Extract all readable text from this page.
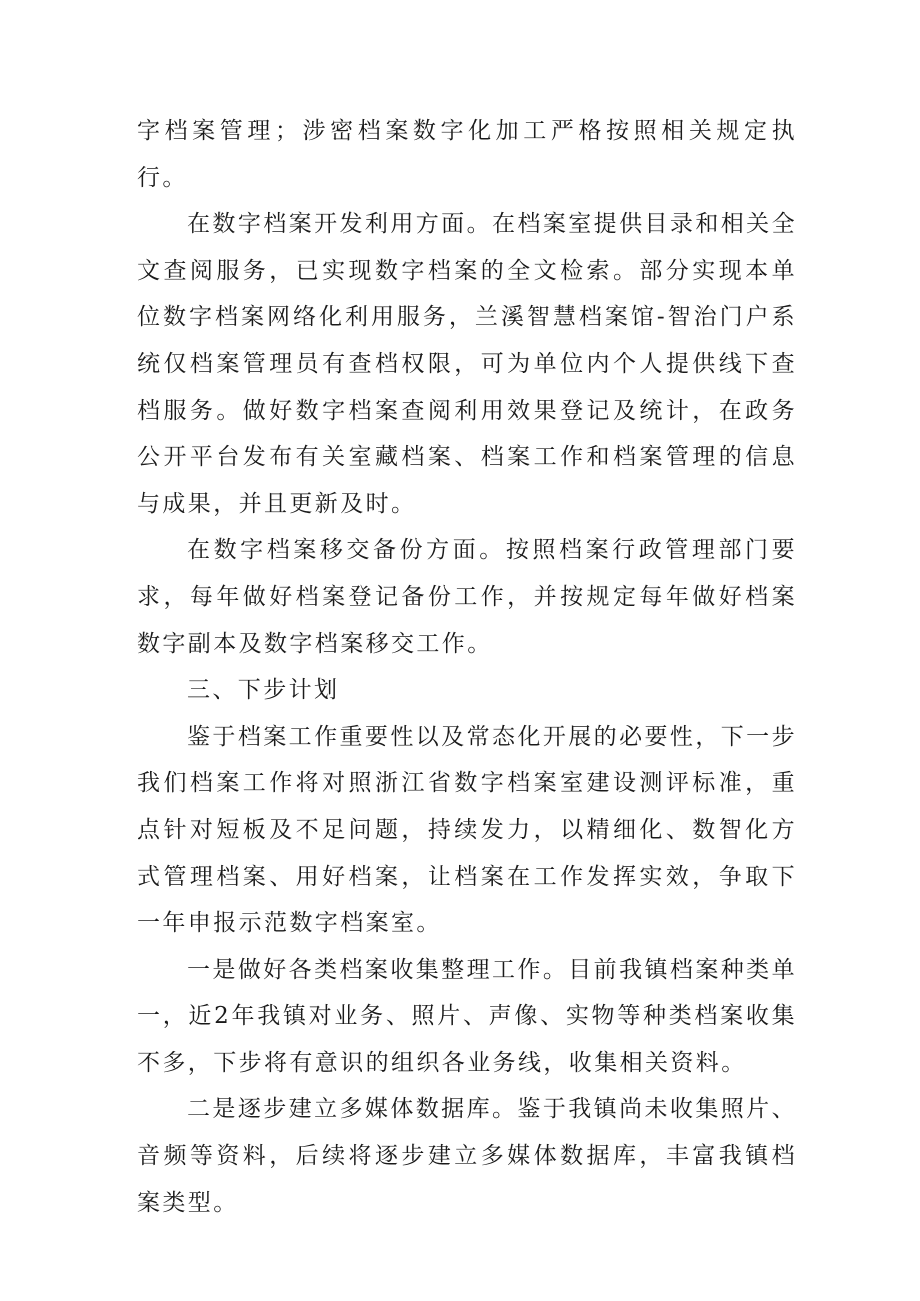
字档案管理；涉密档案数字化加工严格按照相关规定执行。

在数字档案开发利用方面。在档案室提供目录和相关全文查阅服务，已实现数字档案的全文检索。部分实现本单位数字档案网络化利用服务，兰溪智慧档案馆-智治门户系统仅档案管理员有查档权限，可为单位内个人提供线下查档服务。做好数字档案查阅利用效果登记及统计，在政务公开平台发布有关室藏档案、档案工作和档案管理的信息与成果，并且更新及时。

在数字档案移交备份方面。按照档案行政管理部门要求，每年做好档案登记备份工作，并按规定每年做好档案数字副本及数字档案移交工作。

三、下步计划

鉴于档案工作重要性以及常态化开展的必要性，下一步我们档案工作将对照浙江省数字档案室建设测评标准，重点针对短板及不足问题，持续发力，以精细化、数智化方式管理档案、用好档案，让档案在工作发挥实效，争取下一年申报示范数字档案室。

一是做好各类档案收集整理工作。目前我镇档案种类单一，近2年我镇对业务、照片、声像、实物等种类档案收集不多，下步将有意识的组织各业务线，收集相关资料。

二是逐步建立多媒体数据库。鉴于我镇尚未收集照片、音频等资料，后续将逐步建立多媒体数据库，丰富我镇档案类型。
